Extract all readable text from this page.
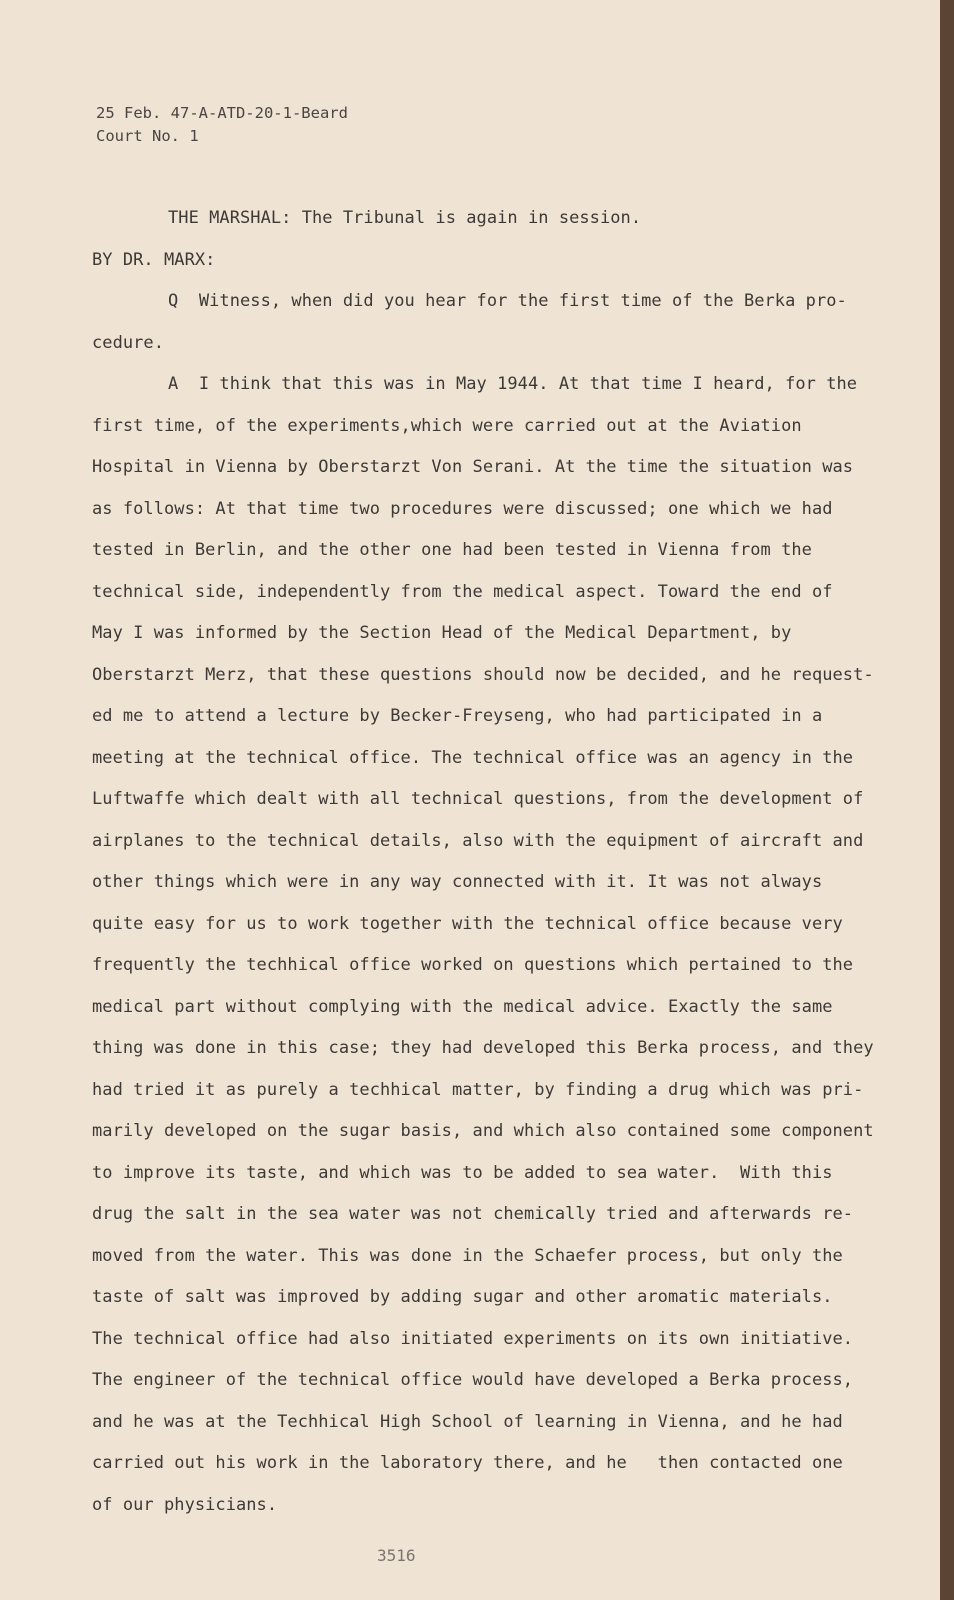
25 Feb. 47-A-ATD-20-1-Beard
Court No. 1
THE MARSHAL: The Tribunal is again in session.
BY DR. MARX:
Q  Witness, when did you hear for the first time of the Berka pro-
cedure.
A  I think that this was in May 1944. At that time I heard, for the
first time, of the experiments,which were carried out at the Aviation
Hospital in Vienna by Oberstarzt Von Serani. At the time the situation was
as follows: At that time two procedures were discussed; one which we had
tested in Berlin, and the other one had been tested in Vienna from the
technical side, independently from the medical aspect. Toward the end of
May I was informed by the Section Head of the Medical Department, by
Oberstarzt Merz, that these questions should now be decided, and he request-
ed me to attend a lecture by Becker-Freyseng, who had participated in a
meeting at the technical office. The technical office was an agency in the
Luftwaffe which dealt with all technical questions, from the development of
airplanes to the technical details, also with the equipment of aircraft and
other things which were in any way connected with it. It was not always
quite easy for us to work together with the technical office because very
frequently the techhical office worked on questions which pertained to the
medical part without complying with the medical advice. Exactly the same
thing was done in this case; they had developed this Berka process, and they
had tried it as purely a techhical matter, by finding a drug which was pri-
marily developed on the sugar basis, and which also contained some component
to improve its taste, and which was to be added to sea water.  With this
drug the salt in the sea water was not chemically tried and afterwards re-
moved from the water. This was done in the Schaefer process, but only the
taste of salt was improved by adding sugar and other aromatic materials.
The technical office had also initiated experiments on its own initiative.
The engineer of the technical office would have developed a Berka process,
and he was at the Techhical High School of learning in Vienna, and he had
carried out his work in the laboratory there, and he   then contacted one
of our physicians.
3516
